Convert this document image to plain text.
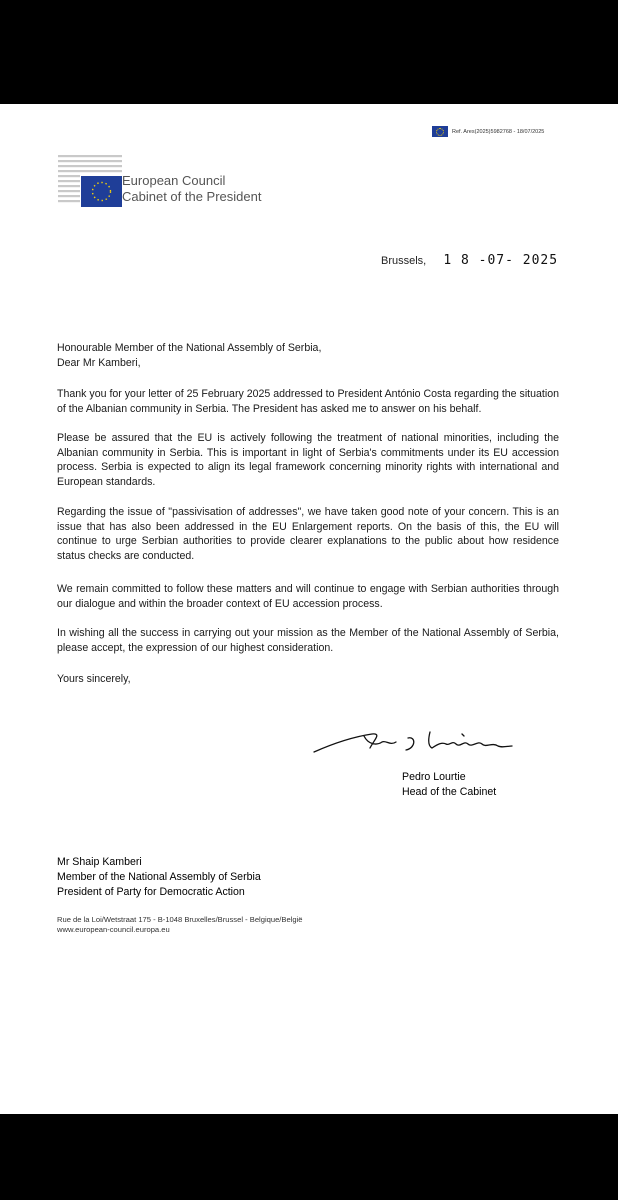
Ref. Ares(2025)5982768 - 18/07/2025
European Council
Cabinet of the President
Brussels, 1 8 -07- 2025
Honourable Member of the National Assembly of Serbia,
Dear Mr Kamberi,

Thank you for your letter of 25 February 2025 addressed to President António Costa regarding the situation of the Albanian community in Serbia. The President has asked me to answer on his behalf.

Please be assured that the EU is actively following the treatment of national minorities, including the Albanian community in Serbia. This is important in light of Serbia's commitments under its EU accession process. Serbia is expected to align its legal framework concerning minority rights with international and European standards.

Regarding the issue of "passivisation of addresses", we have taken good note of your concern. This is an issue that has also been addressed in the EU Enlargement reports. On the basis of this, the EU will continue to urge Serbian authorities to provide clearer explanations to the public about how residence status checks are conducted.

We remain committed to follow these matters and will continue to engage with Serbian authorities through our dialogue and within the broader context of EU accession process.

In wishing all the success in carrying out your mission as the Member of the National Assembly of Serbia, please accept, the expression of our highest consideration.

Yours sincerely,
Pedro Lourtie
Head of the Cabinet
Mr Shaip Kamberi
Member of the National Assembly of Serbia
President of Party for Democratic Action
Rue de la Loi/Wetstraat 175 - B-1048 Bruxelles/Brussel - Belgique/België
www.european-council.europa.eu
